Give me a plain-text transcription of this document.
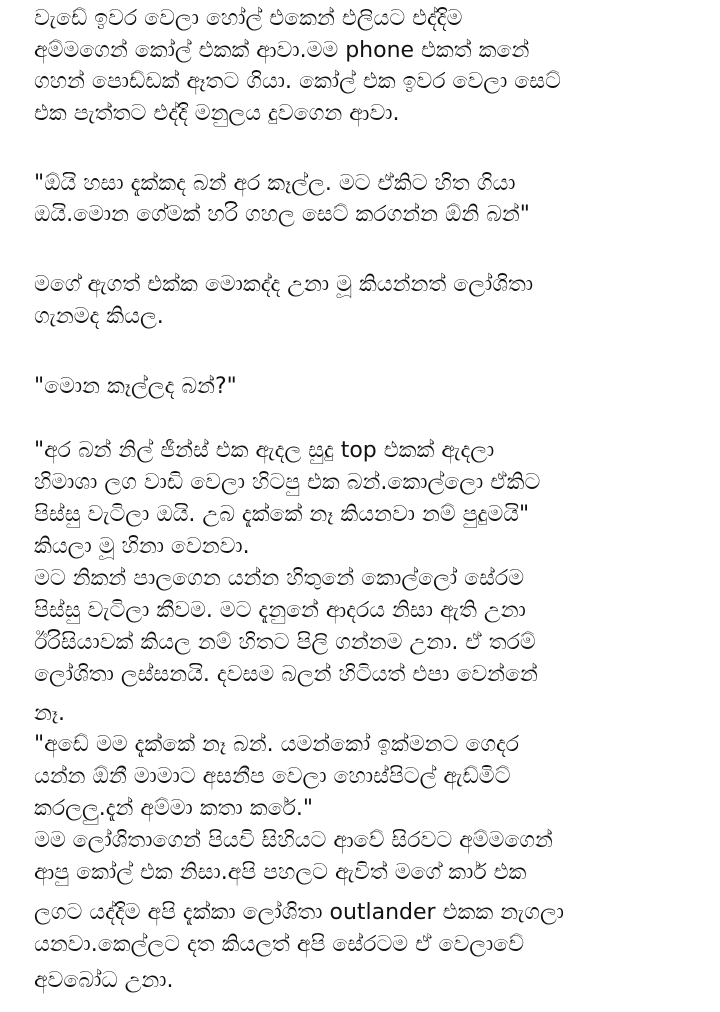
වැඩේ ඉවර වෙලා හෝල් එකෙන් එලියට එද්දිම
අම්මගෙන් කෝල් එකක් ආවා.මම phone එකත් කනේ
ගහන් පොඩ්ඩක් ඈතට ගියා. කෝල් එක ඉවර වෙලා සෙට්
එක පැත්තට එද්දි මනුලය දුවගෙන ආවා.
"ඕයි හසා දැක්කද බන් අර කෑල්ල. මට ඒකිට හිත ගියා
ඔයි.මොන ගේමක් හරි ගහල සෙට් කරගන්න ඕනි බන්"
මගේ ඇගත් එක්ක මොකද්ද උනා මූ කියන්නත් ලෝශිතා
ගැනමද කියල.
"මොන කෑල්ලද බන්?"
"අර බන් නිල් ජීන්ස් එක ඇදල සුදු top එකක් ඇදලා
හිමාශා ලග වාඩි වෙලා හිටපු එක බන්.කොල්ලො ඒකිට
පිස්සු වැටිලා ඔයි. උබ දැක්කේ නෑ කියනවා නම් පුදුමයි"
කියලා මූ හිනා වෙනවා.
මට නිකන් පාලගෙන යන්න හිතුනේ කොල්ලෝ සේරම
පිස්සු වැටිලා කීවම. මට දැනුනේ ආදරය නිසා ඇති උනා
ඊරිසියාවක් කියල නම් හිතට පිලි ගන්නම උනා. ඒ තරම්
ලෝශිතා ලස්සනයි. දවසම බලන් හිටියත් එපා වෙන්නේ
නෑ.
"අඩේ මම දැක්කේ නෑ බන්. යමන්කෝ ඉක්මනට ගෙදර
යන්න ඕනී මාමාට අසනීප වෙලා හොස්පිටල් ඇඩ්මිට්
කරලලු.දැන් අම්මා කතා කරේ."
මම ලෝශිතාගෙන් පියවි සිහියට ආවේ සිරවට අම්මගෙන්
ආපු කෝල් එක නිසා.අපි පහලට ඇවිත් මගේ කාර් එක
ලගට යද්දිම අපි දැක්කා ලෝශිතා outlander එකක නැගලා
යනවා.කෙල්ලට දත කියලත් අපි සේරටම ඒ වෙලාවේ
අවබෝධ උනා.
